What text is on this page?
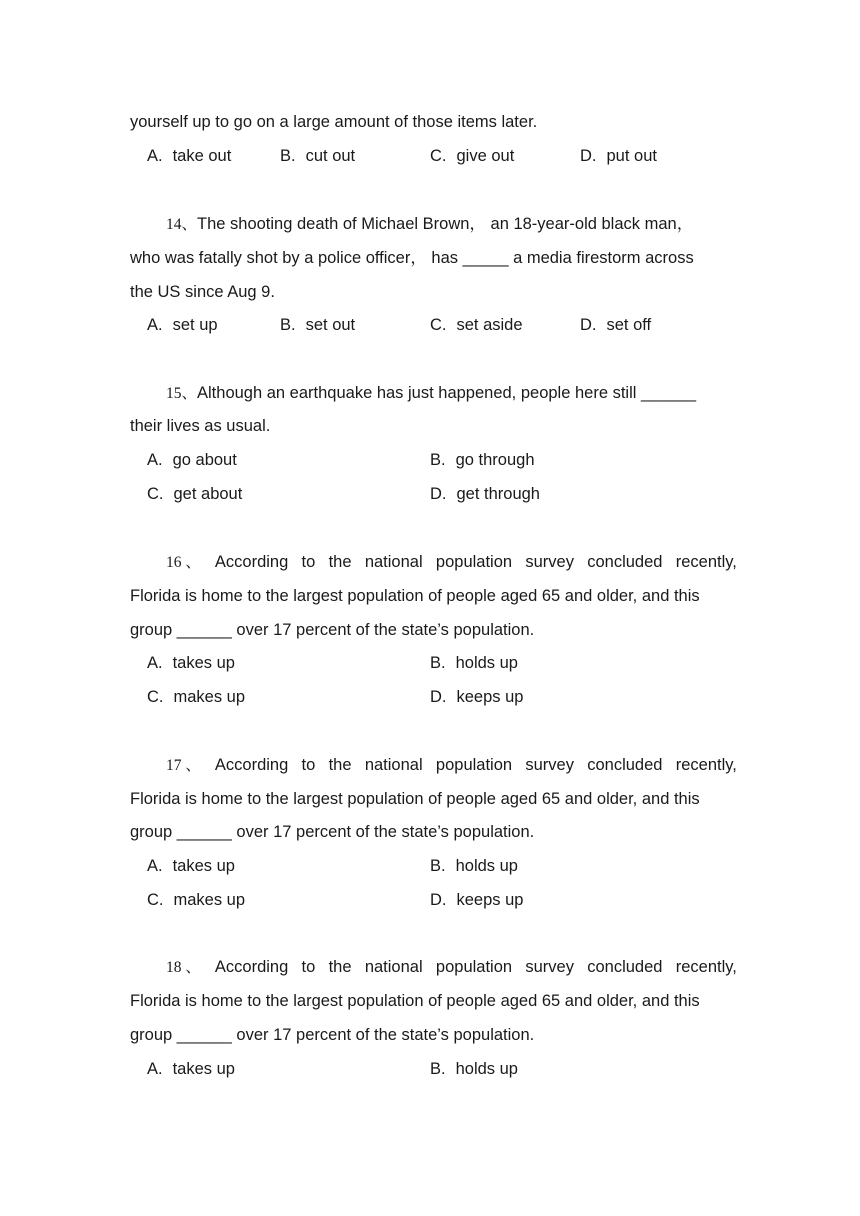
yourself up to go on a large amount of those items later.
A. take out	B. cut out	C. give out	D. put out
14、The shooting death of Michael Brown， an 18-year-old black man，
who was fatally shot by a police officer， has _____ a media firestorm across
the US since Aug 9.
A. set up	B. set out	C. set aside	D. set off
15、Although an earthquake has just happened, people here still ______
their lives as usual.
A. go about	B. go through
C. get about	D. get through
16 、 According to the national population survey concluded recently,
Florida is home to the largest population of people aged 65 and older, and this
group ______ over 17 percent of the state’s population.
A. takes up	B. holds up
C. makes up	D. keeps up
17 、 According to the national population survey concluded recently,
Florida is home to the largest population of people aged 65 and older, and this
group ______ over 17 percent of the state’s population.
A. takes up	B. holds up
C. makes up	D. keeps up
18 、 According to the national population survey concluded recently,
Florida is home to the largest population of people aged 65 and older, and this
group ______ over 17 percent of the state’s population.
A. takes up	B. holds up
